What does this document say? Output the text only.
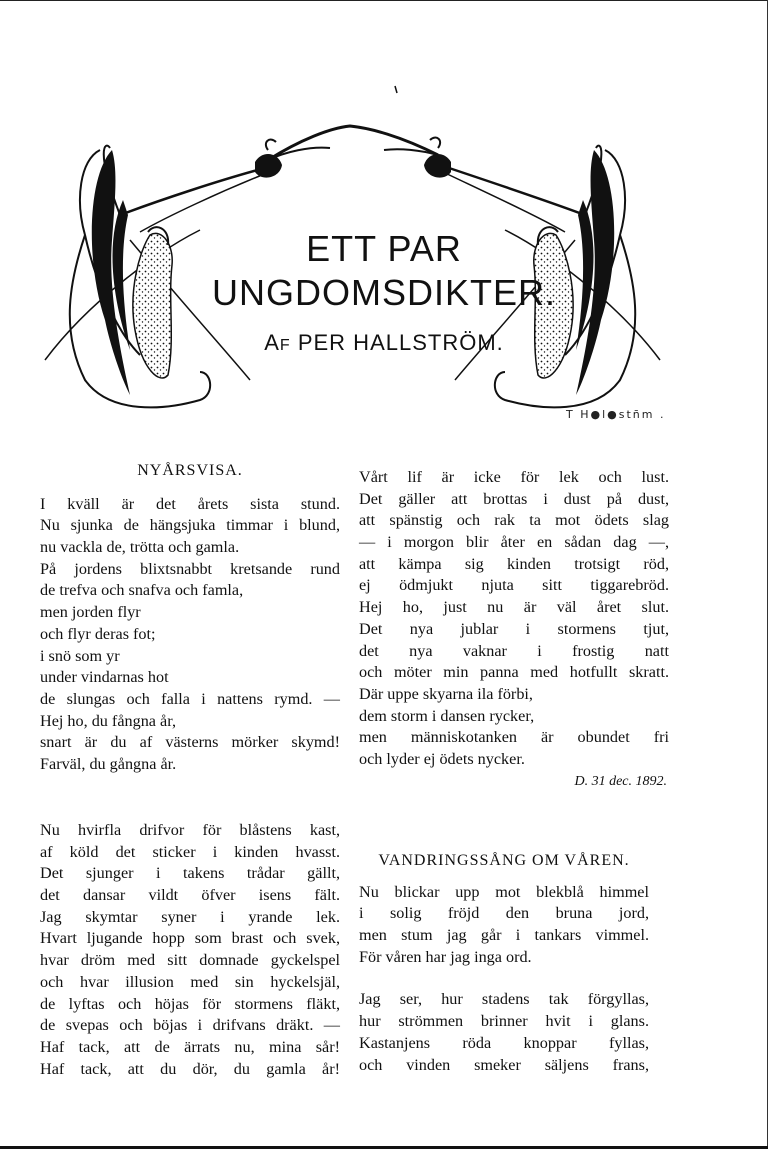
ETT PAR
UNGDOMSDIKTER.
AF PER HALLSTRÖM.
T H●l●stn̄m .
NYÅRSVISA.
I kväll är det årets sista stund.
Nu sjunka de hängsjuka timmar i blund,
nu vackla de, trötta och gamla.
På jordens blixtsnabbt kretsande rund
de trefva och snafva och famla,
men jorden flyr
och flyr deras fot;
i snö som yr
under vindarnas hot
de slungas och falla i nattens rymd. —
Hej ho, du fångna år,
snart är du af västerns mörker skymd!
Farväl, du gångna år.
Nu hvirfla drifvor för blåstens kast,
af köld det sticker i kinden hvasst.
Det sjunger i takens trådar gällt,
det dansar vildt öfver isens fält.
Jag skymtar syner i yrande lek.
Hvart ljugande hopp som brast och svek,
hvar dröm med sitt domnade gyckelspel
och hvar illusion med sin hyckelsjäl,
de lyftas och höjas för stormens fläkt,
de svepas och böjas i drifvans dräkt. —
Haf tack, att de ärrats nu, mina sår!
Haf tack, att du dör, du gamla år!
Vårt lif är icke för lek och lust.
Det gäller att brottas i dust på dust,
att spänstig och rak ta mot ödets slag
— i morgon blir åter en sådan dag —,
att kämpa sig kinden trotsigt röd,
ej ödmjukt njuta sitt tiggarebröd.
Hej ho, just nu är väl året slut.
Det nya jublar i stormens tjut,
det nya vaknar i frostig natt
och möter min panna med hotfullt skratt.
Där uppe skyarna ila förbi,
dem storm i dansen rycker,
men människotanken är obundet fri
och lyder ej ödets nycker.
D. 31 dec. 1892.
VANDRINGSSÅNG OM VÅREN.
Nu blickar upp mot blekblå himmel
i solig fröjd den bruna jord,
men stum jag går i tankars vimmel.
För våren har jag inga ord.
Jag ser, hur stadens tak förgyllas,
hur strömmen brinner hvit i glans.
Kastanjens röda knoppar fyllas,
och vinden smeker säljens frans,
